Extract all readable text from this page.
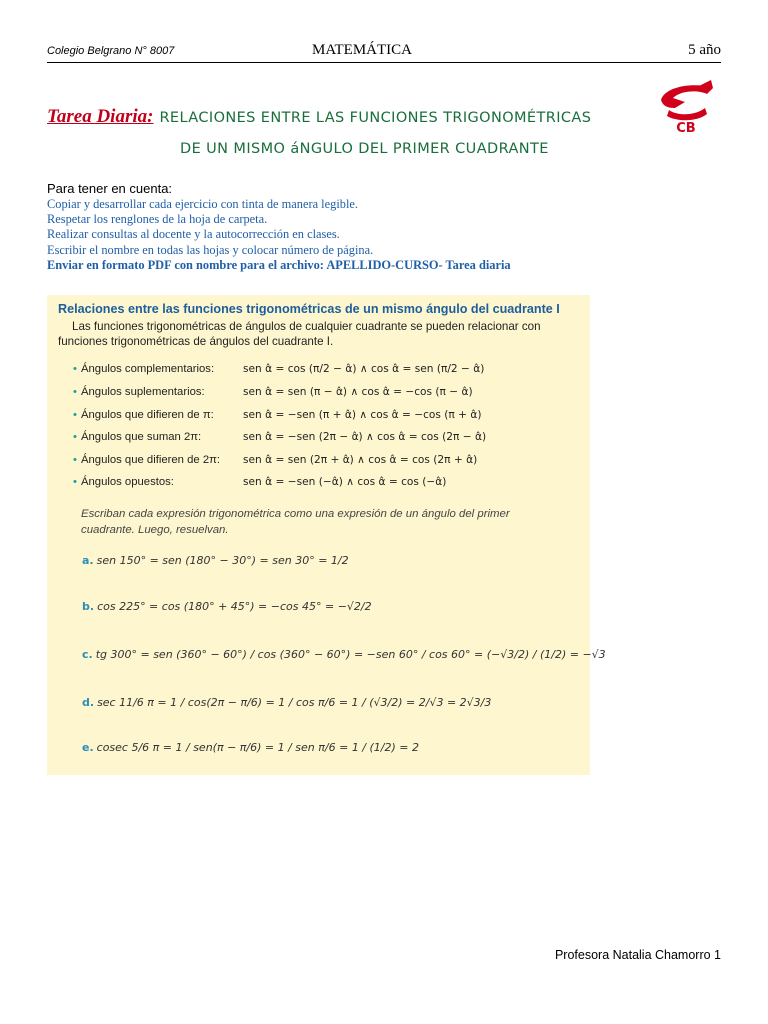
Colegio Belgrano N° 8007	MATEMÁTICA	5 año
Tarea Diaria: RELACIONES ENTRE LAS FUNCIONES TRIGONOMÉTRICAS
DE UN MISMO áNGULO DEL PRIMER CUADRANTE
CB
Para tener en cuenta:
Copiar y desarrollar cada ejercicio con tinta de manera legible.
Respetar los renglones de la hoja de carpeta.
Realizar consultas al docente y la autocorrección en clases.
Escribir el nombre en todas las hojas y colocar número de página.
Enviar en formato PDF con nombre para el archivo: APELLIDO-CURSO- Tarea diaria
Relaciones entre las funciones trigonométricas de un mismo ángulo del cuadrante I
Las funciones trigonométricas de ángulos de cualquier cuadrante se pueden relacionar con funciones trigonométricas de ángulos del cuadrante I.
• Ángulos complementarios:	sen α̂ = cos (π/2 − α̂) ∧ cos α̂ = sen (π/2 − α̂)
• Ángulos suplementarios:	sen α̂ = sen (π − α̂) ∧ cos α̂ = −cos (π − α̂)
• Ángulos que difieren de π:	sen α̂ = −sen (π + α̂) ∧ cos α̂ = −cos (π + α̂)
• Ángulos que suman 2π:	sen α̂ = −sen (2π − α̂) ∧ cos α̂ = cos (2π − α̂)
• Ángulos que difieren de 2π: sen α̂ = sen (2π + α̂) ∧ cos α̂ = cos (2π + α̂)
• Ángulos opuestos:	sen α̂ = −sen (−α̂) ∧ cos α̂ = cos (−α̂)
Escriban cada expresión trigonométrica como una expresión de un ángulo del primer cuadrante. Luego, resuelvan.
a. sen 150° = sen (180° − 30°) = sen 30° = 1/2
b. cos 225° = cos (180° + 45°) = −cos 45° = −√2/2
c. tg 300° = sen (360° − 60°) / cos (360° − 60°) = −sen 60° / cos 60° = (−√3/2) / (1/2) = −√3
d. sec 11/6 π = 1 / cos(2π − π/6) = 1 / cos π/6 = 1 / (√3/2) = 2/√3 = 2√3/3
e. cosec 5/6 π = 1 / sen(π − π/6) = 1 / sen π/6 = 1 / (1/2) = 2
Profesora Natalia Chamorro 1
